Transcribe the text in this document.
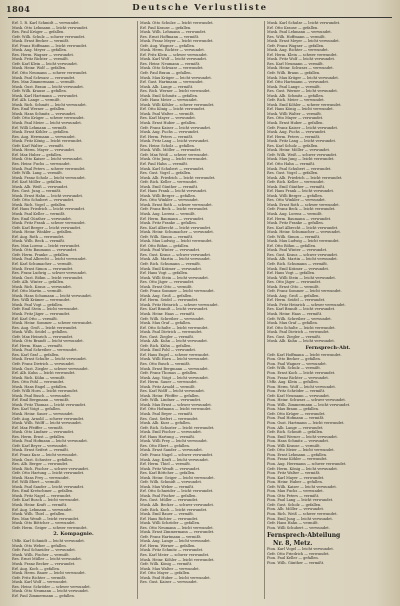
1804	Deutsche Verlustliste
Erf. 1. R. Karl Schmidt — verwundet.
Musk. Otto Lehmann — leicht verwundet.
Res. Paul Krüger — gefallen.
Gefr. Wilh. Schulz — schwer verwundet.
Musk. Ernst Becker — vermißt.
Erf. Franz Hoffmann — leicht verwundet.
Musk. Aug. Meyer — gefallen.
Res. Herm. Wagner — verwundet.
Musk. Fritz Richter — vermißt.
Gefr. Karl Klein — leicht verwundet.
Musk. Heinr. Wolf — gefallen.
Erf. Otto Neumann — schwer verwundet.
Musk. Paul Schwarz — verwundet.
Res. Max Zimmermann — vermißt.
Musk. Gust. Braun — leicht verwundet.
Gefr. Wilh. Krause — gefallen.
Musk. Karl Hartmann — verwundet.
Erf. Alb. Lange — vermißt.
Musk. Rich. Schmitt — leicht verwundet.
Res. Emil Werner — gefallen.
Musk. Hans Schmitz — verwundet.
Gefr. Otto Krüger — schwer verwundet.
Musk. Paul Meier — leicht verwundet.
Erf. Willi Lehmann — vermißt.
Musk. Ernst Köhler — gefallen.
Res. Aug. Herrmann — verwundet.
Musk. Fritz König — leicht verwundet.
Gefr. Karl Walter — vermißt.
Musk. Herm. Mayer — verwundet.
Erf. Max Huber — gefallen.
Musk. Otto Kaiser — leicht verwundet.
Res. Heinr. Fuchs — verwundet.
Musk. Paul Peters — schwer verwundet.
Gefr. Wilh. Lang — vermißt.
Musk. Franz Scholz — leicht verwundet.
Erf. Karl Möller — gefallen.
Musk. Alb. Weiß — verwundet.
Res. Gust. Jung — vermißt.
Musk. Ernst Hahn — leicht verwundet.
Gefr. Otto Schubert — verwundet.
Musk. Rich. Vogel — gefallen.
Erf. Hans Friedrich — leicht verwundet.
Musk. Paul Keller — vermißt.
Res. Emil Günther — verwundet.
Musk. Fritz Frank — schwer verwundet.
Gefr. Karl Berger — leicht verwundet.
Musk. Heinr. Winkler — gefallen.
Erf. Aug. Roth — verwundet.
Musk. Wilh. Beck — vermißt.
Res. Max Lorenz — leicht verwundet.
Musk. Otto Baumann — verwundet.
Gefr. Herm. Franke — gefallen.
Musk. Paul Albrecht — leicht verwundet.
Erf. Karl Schumacher — vermißt.
Musk. Ernst Simon — verwundet.
Res. Franz Ludwig — schwer verwundet.
Musk. Gust. Böhm — leicht verwundet.
Gefr. Alb. Winter — gefallen.
Musk. Rich. Kraus — verwundet.
Erf. Otto Martin — vermißt.
Musk. Hans Schumann — leicht verwundet.
Res. Willi Krämer — verwundet.
Musk. Paul Vogt — gefallen.
Gefr. Emil Stein — leicht verwundet.
Musk. Fritz Jäger — verwundet.
Erf. Karl Otto — vermißt.
Musk. Heinr. Sommer — schwer verwundet.
Res. Aug. Groß — leicht verwundet.
Musk. Wilh. Seidel — gefallen.
Gefr. Max Heinrich — verwundet.
Musk. Otto Brandt — leicht verwundet.
Erf. Herm. Haas — vermißt.
Musk. Paul Schreiber — verwundet.
Res. Karl Graf — gefallen.
Musk. Ernst Schulte — leicht verwundet.
Gefr. Franz Dietrich — verwundet.
Musk. Gust. Ziegler — schwer verwundet.
Erf. Alb. Kuhn — leicht verwundet.
Musk. Rich. Kühn — vermißt.
Res. Otto Pohl — verwundet.
Musk. Hans Engel — gefallen.
Gefr. Willi Horn — leicht verwundet.
Musk. Paul Busch — verwundet.
Erf. Emil Bergmann — vermißt.
Musk. Fritz Thomas — leicht verwundet.
Res. Karl Voigt — gefallen.
Musk. Heinr. Sauer — verwundet.
Gefr. Aug. Arnold — schwer verwundet.
Musk. Wilh. Wolff — leicht verwundet.
Erf. Max Pfeiffer — vermißt.
Musk. Otto Lindner — verwundet.
Res. Herm. Ernst — gefallen.
Musk. Paul Hofmann — leicht verwundet.
Gefr. Karl Beyer — verwundet.
Musk. Ernst Seifert — vermißt.
Erf. Franz Kurz — leicht verwundet.
Musk. Gust. Schuster — gefallen.
Res. Alb. Berger — verwundet.
Musk. Rich. Fischer — schwer verwundet.
Gefr. Otto Hartung — leicht verwundet.
Musk. Hans Frey — verwundet.
Erf. Willi Ebert — vermißt.
Musk. Paul Sander — leicht verwundet.
Res. Emil Kretschmer — gefallen.
Musk. Fritz Nagel — verwundet.
Gefr. Karl Busch — leicht verwundet.
Musk. Heinr. Kraft — vermißt.
Erf. Aug. Lehmann — verwundet.
Musk. Wilh. Thiel — gefallen.
Res. Max Wendt — leicht verwundet.
Musk. Otto Böttcher — verwundet.
Gefr. Herm. Geiger — schwer verwundet.
2. Kompagnie.
Utffz. Karl Schmidt — leicht verwundet.
Musk. Otto Weber — gefallen.
Gefr. Paul Schneider — verwundet.
Musk. Wilh. Fischer — vermißt.
Res. Ernst Müller — leicht verwundet.
Musk. Franz Becker — verwundet.
Erf. Aug. Koch — gefallen.
Musk. Herm. Bauer — leicht verwundet.
Gefr. Fritz Richter — vermißt.
Musk. Karl Wolf — verwundet.
Res. Heinr. Schröder — schwer verwundet.
Musk. Otto Neumann — leicht verwundet.
Erf. Paul Zimmermann — gefallen.
Musk. Otto Schulze — leicht verwundet.
Erf. Paul Krause — gefallen.
Musk. Wilh. Lehmann — verwundet.
Res. Ernst Hoffmann — vermißt.
Musk. Franz Meyer — leicht verwundet.
Gefr. Aug. Wagner — gefallen.
Musk. Herm. Richter — verwundet.
Erf. Fritz Klein — schwer verwundet.
Musk. Karl Wolf — leicht verwundet.
Res. Heinr. Neumann — vermißt.
Musk. Otto Schwarz — verwundet.
Gefr. Paul Braun — gefallen.
Musk. Max Krüger — leicht verwundet.
Erf. Gust. Hartmann — verwundet.
Musk. Alb. Lange — vermißt.
Res. Rich. Werner — leicht verwundet.
Musk. Emil Schmitz — gefallen.
Gefr. Hans Meier — verwundet.
Musk. Willi Köhler — schwer verwundet.
Erf. Otto König — leicht verwundet.
Musk. Paul Walter — vermißt.
Res. Karl Mayer — verwundet.
Musk. Ernst Huber — gefallen.
Gefr. Franz Kaiser — leicht verwundet.
Musk. Aug. Fuchs — verwundet.
Erf. Herm. Peters — vermißt.
Musk. Fritz Lang — leicht verwundet.
Res. Heinr. Scholz — gefallen.
Musk. Wilh. Möller — verwundet.
Gefr. Max Weiß — schwer verwundet.
Musk. Otto Jung — leicht verwundet.
Erf. Paul Hahn — vermißt.
Musk. Karl Schubert — verwundet.
Res. Gust. Vogel — gefallen.
Musk. Alb. Friedrich — leicht verwundet.
Gefr. Rich. Keller — verwundet.
Musk. Emil Günther — vermißt.
Erf. Hans Frank — leicht verwundet.
Musk. Willi Berger — gefallen.
Res. Otto Winkler — verwundet.
Musk. Ernst Roth — schwer verwundet.
Gefr. Franz Beck — leicht verwundet.
Musk. Aug. Lorenz — vermißt.
Erf. Herm. Baumann — verwundet.
Musk. Fritz Franke — gefallen.
Res. Karl Albrecht — leicht verwundet.
Musk. Heinr. Schumacher — verwundet.
Gefr. Wilh. Simon — vermißt.
Musk. Max Ludwig — leicht verwundet.
Erf. Otto Böhm — gefallen.
Musk. Paul Winter — verwundet.
Res. Gust. Kraus — schwer verwundet.
Musk. Alb. Martin — leicht verwundet.
Gefr. Rich. Schumann — vermißt.
Musk. Emil Krämer — verwundet.
Erf. Hans Vogt — gefallen.
Musk. Willi Stein — leicht verwundet.
Res. Otto Jäger — verwundet.
Musk. Ernst Otto — vermißt.
Gefr. Franz Sommer — leicht verwundet.
Musk. Aug. Groß — gefallen.
Erf. Herm. Seidel — verwundet.
Musk. Fritz Heinrich — schwer verwundet.
Res. Karl Brandt — leicht verwundet.
Musk. Heinr. Haas — vermißt.
Gefr. Wilh. Schreiber — verwundet.
Musk. Max Graf — gefallen.
Erf. Otto Schulte — leicht verwundet.
Musk. Paul Dietrich — verwundet.
Res. Gust. Ziegler — vermißt.
Musk. Alb. Kuhn — leicht verwundet.
Gefr. Rich. Kühn — gefallen.
Musk. Emil Pohl — verwundet.
Erf. Hans Engel — schwer verwundet.
Musk. Willi Horn — leicht verwundet.
Res. Otto Busch — vermißt.
Musk. Ernst Bergmann — verwundet.
Gefr. Franz Thomas — gefallen.
Musk. Aug. Voigt — leicht verwundet.
Erf. Herm. Sauer — verwundet.
Musk. Fritz Arnold — vermißt.
Res. Karl Wolff — leicht verwundet.
Musk. Heinr. Pfeiffer — gefallen.
Gefr. Wilh. Lindner — verwundet.
Musk. Max Ernst — schwer verwundet.
Erf. Otto Hofmann — leicht verwundet.
Musk. Paul Beyer — vermißt.
Res. Gust. Seifert — verwundet.
Musk. Alb. Kurz — gefallen.
Gefr. Rich. Schuster — leicht verwundet.
Musk. Emil Fischer — verwundet.
Erf. Hans Hartung — vermißt.
Musk. Willi Frey — leicht verwundet.
Res. Otto Ebert — gefallen.
Musk. Ernst Sander — verwundet.
Gefr. Franz Nagel — schwer verwundet.
Musk. Aug. Kraft — leicht verwundet.
Erf. Herm. Thiel — vermißt.
Musk. Fritz Wendt — verwundet.
Res. Karl Böttcher — gefallen.
Musk. Heinr. Geiger — leicht verwundet.
Gefr. Wilh. Schmidt — verwundet.
Musk. Max Weber — vermißt.
Erf. Otto Schneider — leicht verwundet.
Musk. Paul Fischer — gefallen.
Res. Gust. Müller — verwundet.
Musk. Alb. Becker — schwer verwundet.
Gefr. Rich. Koch — leicht verwundet.
Musk. Emil Bauer — vermißt.
Erf. Hans Richter — verwundet.
Musk. Willi Schröder — gefallen.
Res. Otto Neumann — leicht verwundet.
Musk. Ernst Zimmermann — verwundet.
Gefr. Franz Hartmann — vermißt.
Musk. Aug. Lange — leicht verwundet.
Erf. Herm. Werner — gefallen.
Musk. Fritz Schmitz — verwundet.
Res. Karl Meier — schwer verwundet.
Musk. Heinr. Köhler — leicht verwundet.
Gefr. Wilh. König — vermißt.
Musk. Max Walter — verwundet.
Erf. Otto Mayer — gefallen.
Musk. Paul Huber — leicht verwundet.
Res. Gust. Kaiser — verwundet.
Musk. Karl Schulze — leicht verwundet.
Erf. Otto Krause — gefallen.
Musk. Paul Lehmann — verwundet.
Res. Wilh. Hoffmann — vermißt.
Musk. Ernst Meyer — leicht verwundet.
Gefr. Franz Wagner — gefallen.
Musk. Aug. Richter — verwundet.
Erf. Herm. Klein — schwer verwundet.
Musk. Fritz Wolf — leicht verwundet.
Res. Karl Neumann — vermißt.
Musk. Heinr. Schwarz — verwundet.
Gefr. Wilh. Braun — gefallen.
Musk. Max Krüger — leicht verwundet.
Erf. Otto Hartmann — verwundet.
Musk. Paul Lange — vermißt.
Res. Gust. Werner — leicht verwundet.
Musk. Alb. Schmitz — gefallen.
Gefr. Rich. Meier — verwundet.
Musk. Emil Köhler — schwer verwundet.
Erf. Hans König — leicht verwundet.
Musk. Willi Walter — vermißt.
Res. Otto Mayer — verwundet.
Musk. Ernst Huber — gefallen.
Gefr. Franz Kaiser — leicht verwundet.
Musk. Aug. Fuchs — verwundet.
Erf. Herm. Peters — vermißt.
Musk. Fritz Lang — leicht verwundet.
Res. Karl Scholz — gefallen.
Musk. Heinr. Möller — verwundet.
Gefr. Wilh. Weiß — schwer verwundet.
Musk. Max Jung — leicht verwundet.
Erf. Otto Hahn — vermißt.
Musk. Paul Schubert — verwundet.
Res. Gust. Vogel — gefallen.
Musk. Alb. Friedrich — leicht verwundet.
Gefr. Rich. Keller — verwundet.
Musk. Emil Günther — vermißt.
Erf. Hans Frank — leicht verwundet.
Musk. Willi Berger — gefallen.
Res. Otto Winkler — verwundet.
Musk. Ernst Roth — schwer verwundet.
Gefr. Franz Beck — leicht verwundet.
Musk. Aug. Lorenz — vermißt.
Erf. Herm. Baumann — verwundet.
Musk. Fritz Franke — gefallen.
Res. Karl Albrecht — leicht verwundet.
Musk. Heinr. Schumacher — verwundet.
Gefr. Wilh. Simon — vermißt.
Musk. Max Ludwig — leicht verwundet.
Erf. Otto Böhm — gefallen.
Musk. Paul Winter — verwundet.
Res. Gust. Kraus — schwer verwundet.
Musk. Alb. Martin — leicht verwundet.
Gefr. Rich. Schumann — vermißt.
Musk. Emil Krämer — verwundet.
Erf. Hans Vogt — gefallen.
Musk. Willi Stein — leicht verwundet.
Res. Otto Jäger — verwundet.
Musk. Ernst Otto — vermißt.
Gefr. Franz Sommer — leicht verwundet.
Musk. Aug. Groß — gefallen.
Erf. Herm. Seidel — verwundet.
Musk. Fritz Heinrich — schwer verwundet.
Res. Karl Brandt — leicht verwundet.
Musk. Heinr. Haas — vermißt.
Gefr. Wilh. Schreiber — verwundet.
Musk. Max Graf — gefallen.
Erf. Otto Schulte — leicht verwundet.
Musk. Paul Dietrich — verwundet.
Res. Gust. Ziegler — vermißt.
Musk. Alb. Kuhn — leicht verwundet.
Fernsprech-Abt.
Gefr. Karl Hoffmann — leicht verwundet.
Pion. Otto Becker — gefallen.
Pion. Paul Wagner — verwundet.
Gefr. Wilh. Schulz — vermißt.
Pion. Ernst Koch — leicht verwundet.
Pion. Franz Richter — verwundet.
Utffz. Aug. Klein — gefallen.
Pion. Herm. Wolf — leicht verwundet.
Pion. Fritz Schröder — vermißt.
Gefr. Karl Neumann — verwundet.
Pion. Heinr. Schwarz — schwer verwundet.
Pion. Wilh. Zimmermann — leicht verwundet.
Pion. Max Braun — gefallen.
Gefr. Otto Krüger — verwundet.
Pion. Paul Hofmann — vermißt.
Pion. Gust. Hartmann — leicht verwundet.
Pion. Alb. Lange — verwundet.
Gefr. Rich. Schmitt — gefallen.
Pion. Emil Werner — leicht verwundet.
Pion. Hans Schmitz — verwundet.
Pion. Willi Krause — vermißt.
Gefr. Otto Meier — leicht verwundet.
Pion. Ernst Lehmann — gefallen.
Pion. Franz Köhler — verwundet.
Pion. Aug. Herrmann — schwer verwundet.
Gefr. Herm. König — leicht verwundet.
Pion. Fritz Walter — vermißt.
Pion. Karl Mayer — verwundet.
Pion. Heinr. Huber — gefallen.
Gefr. Wilh. Kaiser — leicht verwundet.
Pion. Max Fuchs — verwundet.
Pion. Otto Peters — vermißt.
Pion. Paul Lang — leicht verwundet.
Gefr. Gust. Scholz — gefallen.
Pion. Alb. Möller — verwundet.
Pion. Rich. Weiß — schwer verwundet.
Pion. Emil Jung — leicht verwundet.
Gefr. Hans Hahn — vermißt.
Pion. Willi Schubert — verwundet.
Fernsprech-Abteilung
Nr. 8, Metz.
Pion. Karl Vogel — leicht verwundet.
Gefr. Otto Friedrich — verwundet.
Pion. Paul Keller — gefallen.
Pion. Wilh. Günther — vermißt.
